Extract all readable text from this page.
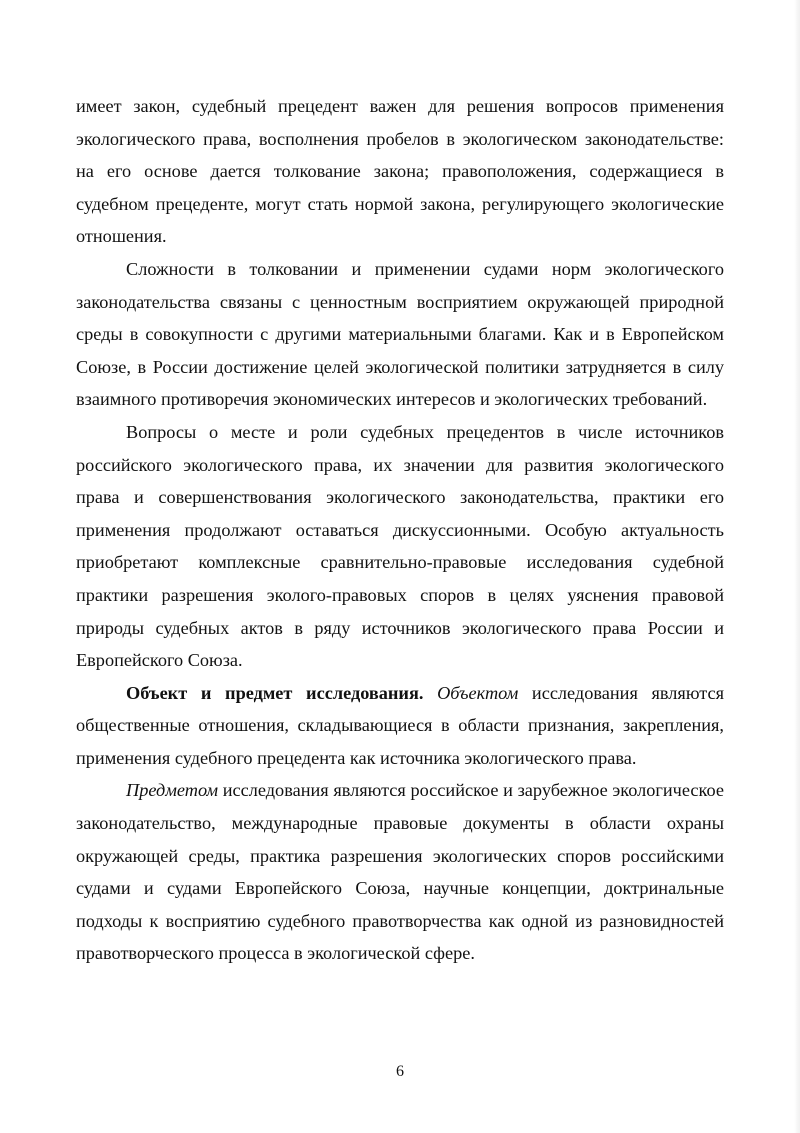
имеет закон, судебный прецедент важен для решения вопросов применения экологического права, восполнения пробелов в экологическом законодательстве: на его основе дается толкование закона; правоположения, содержащиеся в судебном прецеденте, могут стать нормой закона, регулирующего экологические отношения.

Сложности в толковании и применении судами норм экологического законодательства связаны с ценностным восприятием окружающей природной среды в совокупности с другими материальными благами. Как и в Европейском Союзе, в России достижение целей экологической политики затрудняется в силу взаимного противоречия экономических интересов и экологических требований.

Вопросы о месте и роли судебных прецедентов в числе источников российского экологического права, их значении для развития экологического права и совершенствования экологического законодательства, практики его применения продолжают оставаться дискуссионными. Особую актуальность приобретают комплексные сравнительно-правовые исследования судебной практики разрешения эколого-правовых споров в целях уяснения правовой природы судебных актов в ряду источников экологического права России и Европейского Союза.

Объект и предмет исследования. Объектом исследования являются общественные отношения, складывающиеся в области признания, закрепления, применения судебного прецедента как источника экологического права.

Предметом исследования являются российское и зарубежное экологическое законодательство, международные правовые документы в области охраны окружающей среды, практика разрешения экологических споров российскими судами и судами Европейского Союза, научные концепции, доктринальные подходы к восприятию судебного правотворчества как одной из разновидностей правотворческого процесса в экологической сфере.

6
